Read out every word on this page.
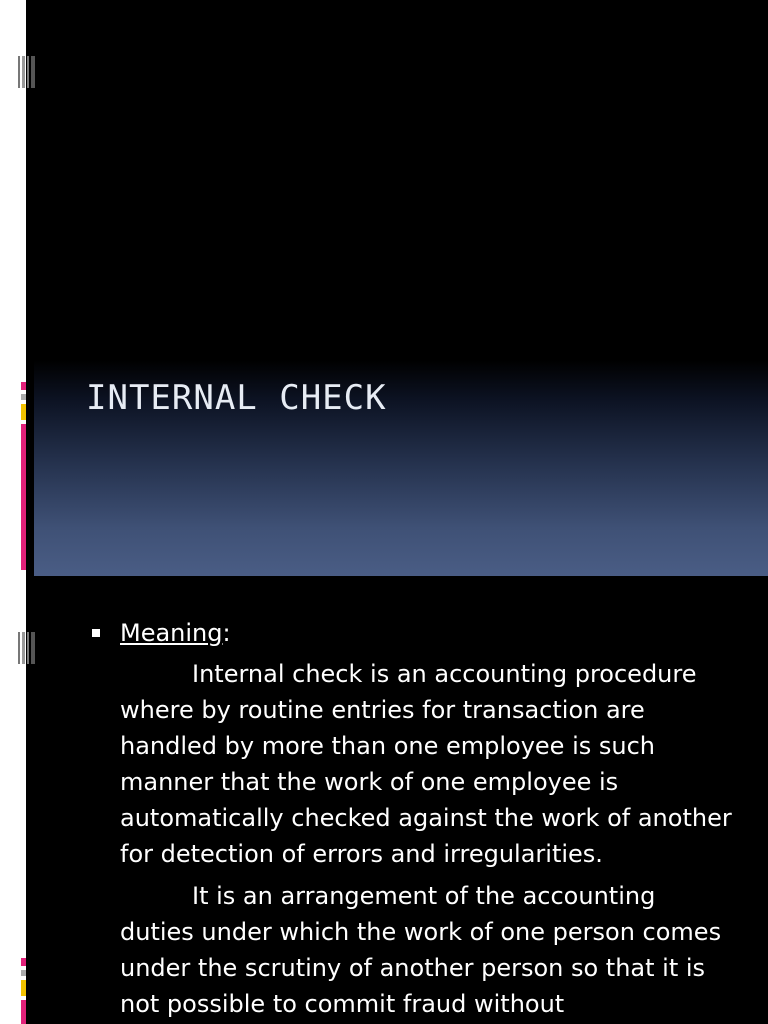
INTERNAL CHECK
Meaning :

Internal check is an accounting procedure where by routine entries for transaction are handled by more than one employee is such manner that the work of one employee is automatically checked against the work of another for detection of errors and irregularities.

It is an arrangement of the accounting duties under which the work of one person comes under the scrutiny of another person so that it is not possible to commit fraud without
